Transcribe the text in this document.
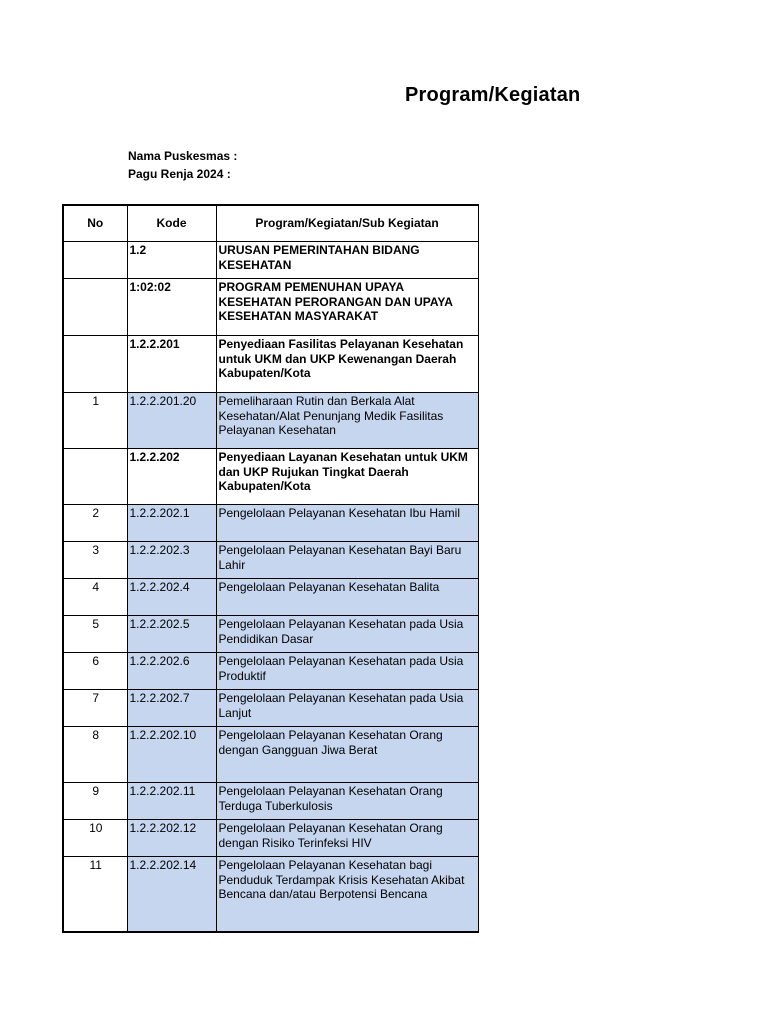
Program/Kegiatan
Nama Puskesmas :
Pagu Renja 2024 :
No	Kode	Program/Kegiatan/Sub Kegiatan
	1.2	URUSAN PEMERINTAHAN BIDANG KESEHATAN
	1:02:02	PROGRAM PEMENUHAN UPAYA KESEHATAN PERORANGAN DAN UPAYA KESEHATAN MASYARAKAT
	1.2.2.201	Penyediaan Fasilitas Pelayanan Kesehatan untuk UKM dan UKP Kewenangan Daerah Kabupaten/Kota
1	1.2.2.201.20	Pemeliharaan Rutin dan Berkala Alat Kesehatan/Alat Penunjang Medik Fasilitas Pelayanan Kesehatan
	1.2.2.202	Penyediaan Layanan Kesehatan untuk UKM dan UKP Rujukan Tingkat Daerah Kabupaten/Kota
2	1.2.2.202.1	Pengelolaan Pelayanan Kesehatan Ibu Hamil
3	1.2.2.202.3	Pengelolaan Pelayanan Kesehatan Bayi Baru Lahir
4	1.2.2.202.4	Pengelolaan Pelayanan Kesehatan Balita
5	1.2.2.202.5	Pengelolaan Pelayanan Kesehatan pada Usia Pendidikan Dasar
6	1.2.2.202.6	Pengelolaan Pelayanan Kesehatan pada Usia Produktif
7	1.2.2.202.7	Pengelolaan Pelayanan Kesehatan pada Usia Lanjut
8	1.2.2.202.10	Pengelolaan Pelayanan Kesehatan Orang dengan Gangguan Jiwa Berat
9	1.2.2.202.11	Pengelolaan Pelayanan Kesehatan Orang Terduga Tuberkulosis
10	1.2.2.202.12	Pengelolaan Pelayanan Kesehatan Orang dengan Risiko Terinfeksi HIV
11	1.2.2.202.14	Pengelolaan Pelayanan Kesehatan bagi Penduduk Terdampak Krisis Kesehatan Akibat Bencana dan/atau Berpotensi Bencana
